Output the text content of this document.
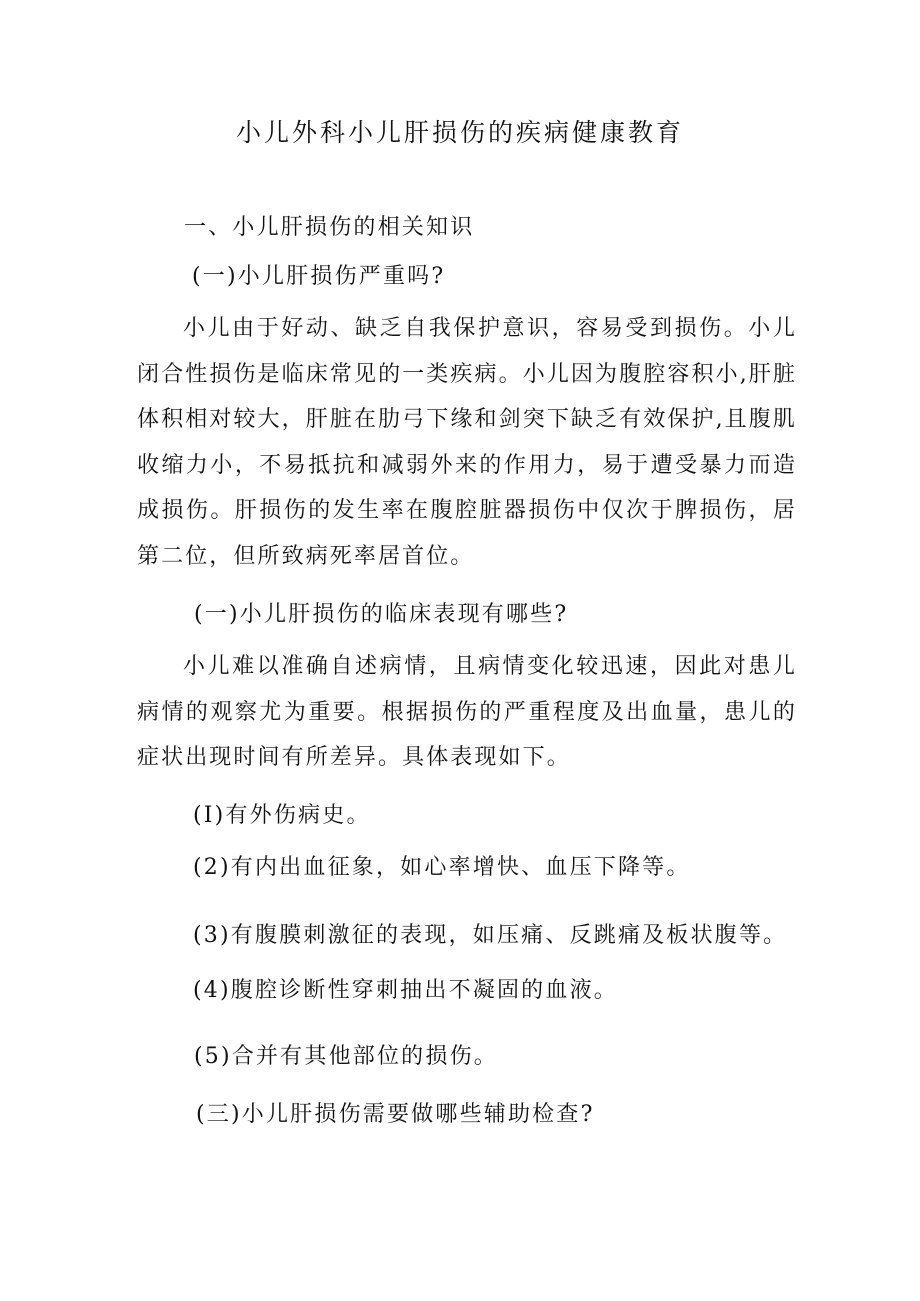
小儿外科小儿肝损伤的疾病健康教育
一、小儿肝损伤的相关知识
(一)小儿肝损伤严重吗?
小儿由于好动、缺乏自我保护意识，容易受到损伤。小儿闭合性损伤是临床常见的一类疾病。小儿因为腹腔容积小,肝脏体积相对较大，肝脏在肋弓下缘和剑突下缺乏有效保护,且腹肌收缩力小，不易抵抗和减弱外来的作用力，易于遭受暴力而造成损伤。肝损伤的发生率在腹腔脏器损伤中仅次于脾损伤，居第二位，但所致病死率居首位。
(一)小儿肝损伤的临床表现有哪些?
小儿难以准确自述病情，且病情变化较迅速，因此对患儿病情的观察尤为重要。根据损伤的严重程度及出血量，患儿的症状出现时间有所差异。具体表现如下。
(I)有外伤病史。
(2)有内出血征象，如心率增快、血压下降等。
(3)有腹膜刺激征的表现，如压痛、反跳痛及板状腹等。
(4)腹腔诊断性穿刺抽出不凝固的血液。
(5)合并有其他部位的损伤。
(三)小儿肝损伤需要做哪些辅助检查?
